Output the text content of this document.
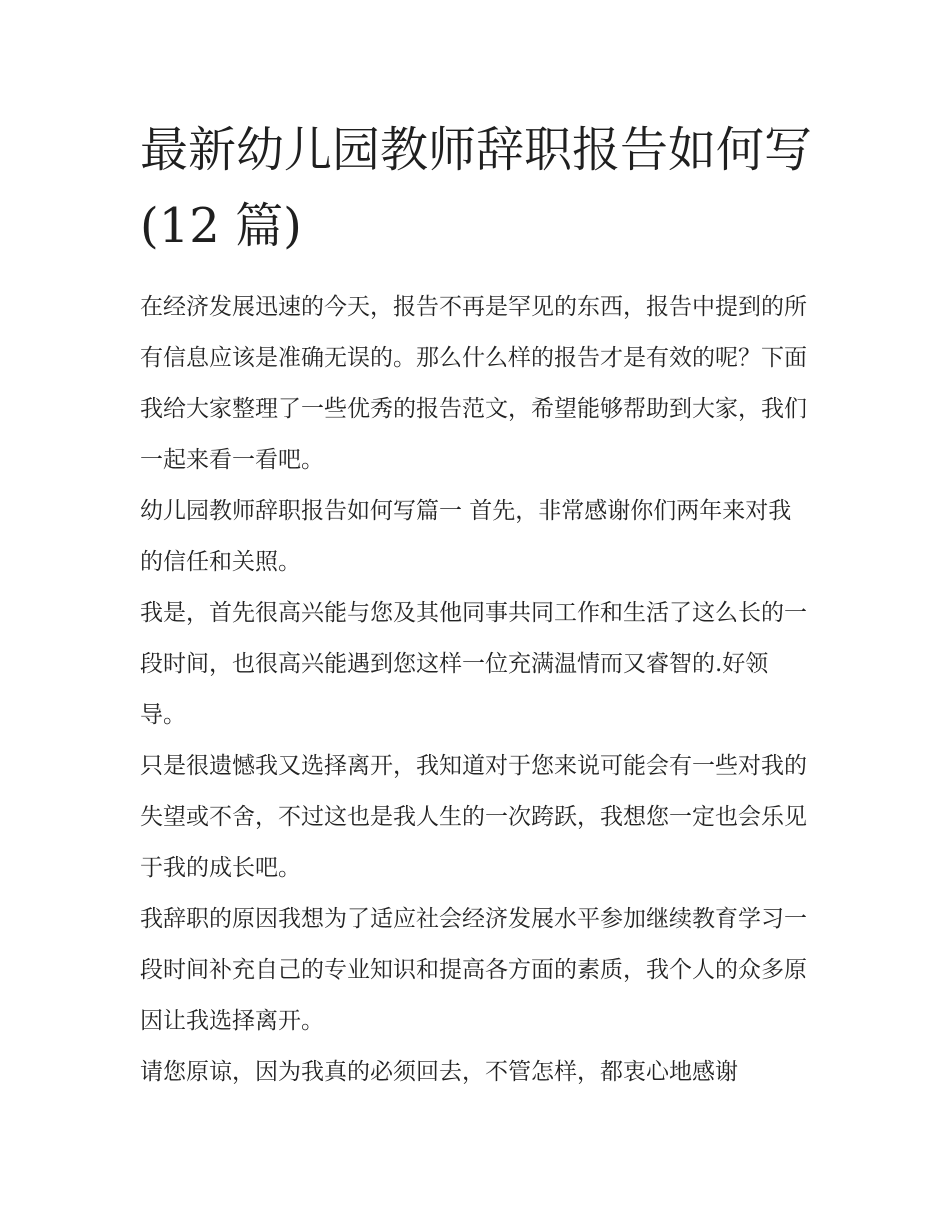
最新幼儿园教师辞职报告如何写(12 篇)

在经济发展迅速的今天，报告不再是罕见的东西，报告中提到的所有信息应该是准确无误的。那么什么样的报告才是有效的呢？下面我给大家整理了一些优秀的报告范文，希望能够帮助到大家，我们一起来看一看吧。

幼儿园教师辞职报告如何写篇一 首先，非常感谢你们两年来对我的信任和关照。

我是，首先很高兴能与您及其他同事共同工作和生活了这么长的一段时间，也很高兴能遇到您这样一位充满温情而又睿智的.好领导。

只是很遗憾我又选择离开，我知道对于您来说可能会有一些对我的失望或不舍，不过这也是我人生的一次跨跃，我想您一定也会乐见于我的成长吧。

我辞职的原因我想为了适应社会经济发展水平参加继续教育学习一段时间补充自己的专业知识和提高各方面的素质，我个人的众多原因让我选择离开。

请您原谅，因为我真的必须回去，不管怎样，都衷心地感谢
